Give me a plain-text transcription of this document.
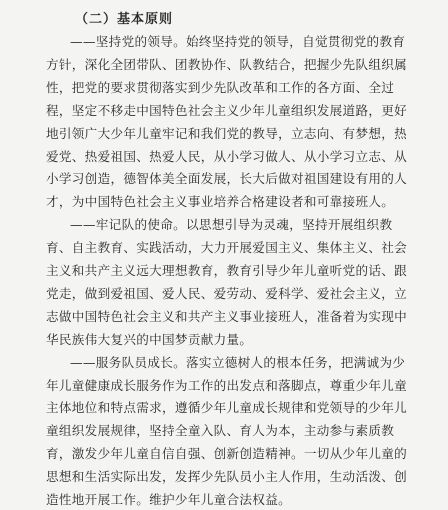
（二）基本原则
——坚持党的领导。始终坚持党的领导，自觉贯彻党的教育
方针，深化全团带队、团教协作、队教结合，把握少先队组织属
性，把党的要求贯彻落实到少先队改革和工作的各方面、全过
程，坚定不移走中国特色社会主义少年儿童组织发展道路，更好
地引领广大少年儿童牢记和我们党的教导，立志向、有梦想，热
爱党、热爱祖国、热爱人民，从小学习做人、从小学习立志、从
小学习创造，德智体美全面发展，长大后做对祖国建设有用的人
才，为中国特色社会主义事业培养合格建设者和可靠接班人。
——牢记队的使命。以思想引导为灵魂，坚持开展组织教
育、自主教育、实践活动，大力开展爱国主义、集体主义、社会
主义和共产主义远大理想教育，教育引导少年儿童听党的话、跟
党走，做到爱祖国、爱人民、爱劳动、爱科学、爱社会主义，立
志做中国特色社会主义和共产主义事业接班人，准备着为实现中
华民族伟大复兴的中国梦贡献力量。
——服务队员成长。落实立德树人的根本任务，把满诚为少
年儿童健康成长服务作为工作的出发点和落脚点，尊重少年儿童
主体地位和特点需求，遵循少年儿童成长规律和党领导的少年儿
童组织发展规律，坚持全童入队、育人为本，主动参与素质教
育，激发少年儿童自信自强、创新创造精神。一切从少年儿童的
思想和生活实际出发，发挥少先队员小主人作用，生动活泼、创
造性地开展工作。维护少年儿童合法权益。
